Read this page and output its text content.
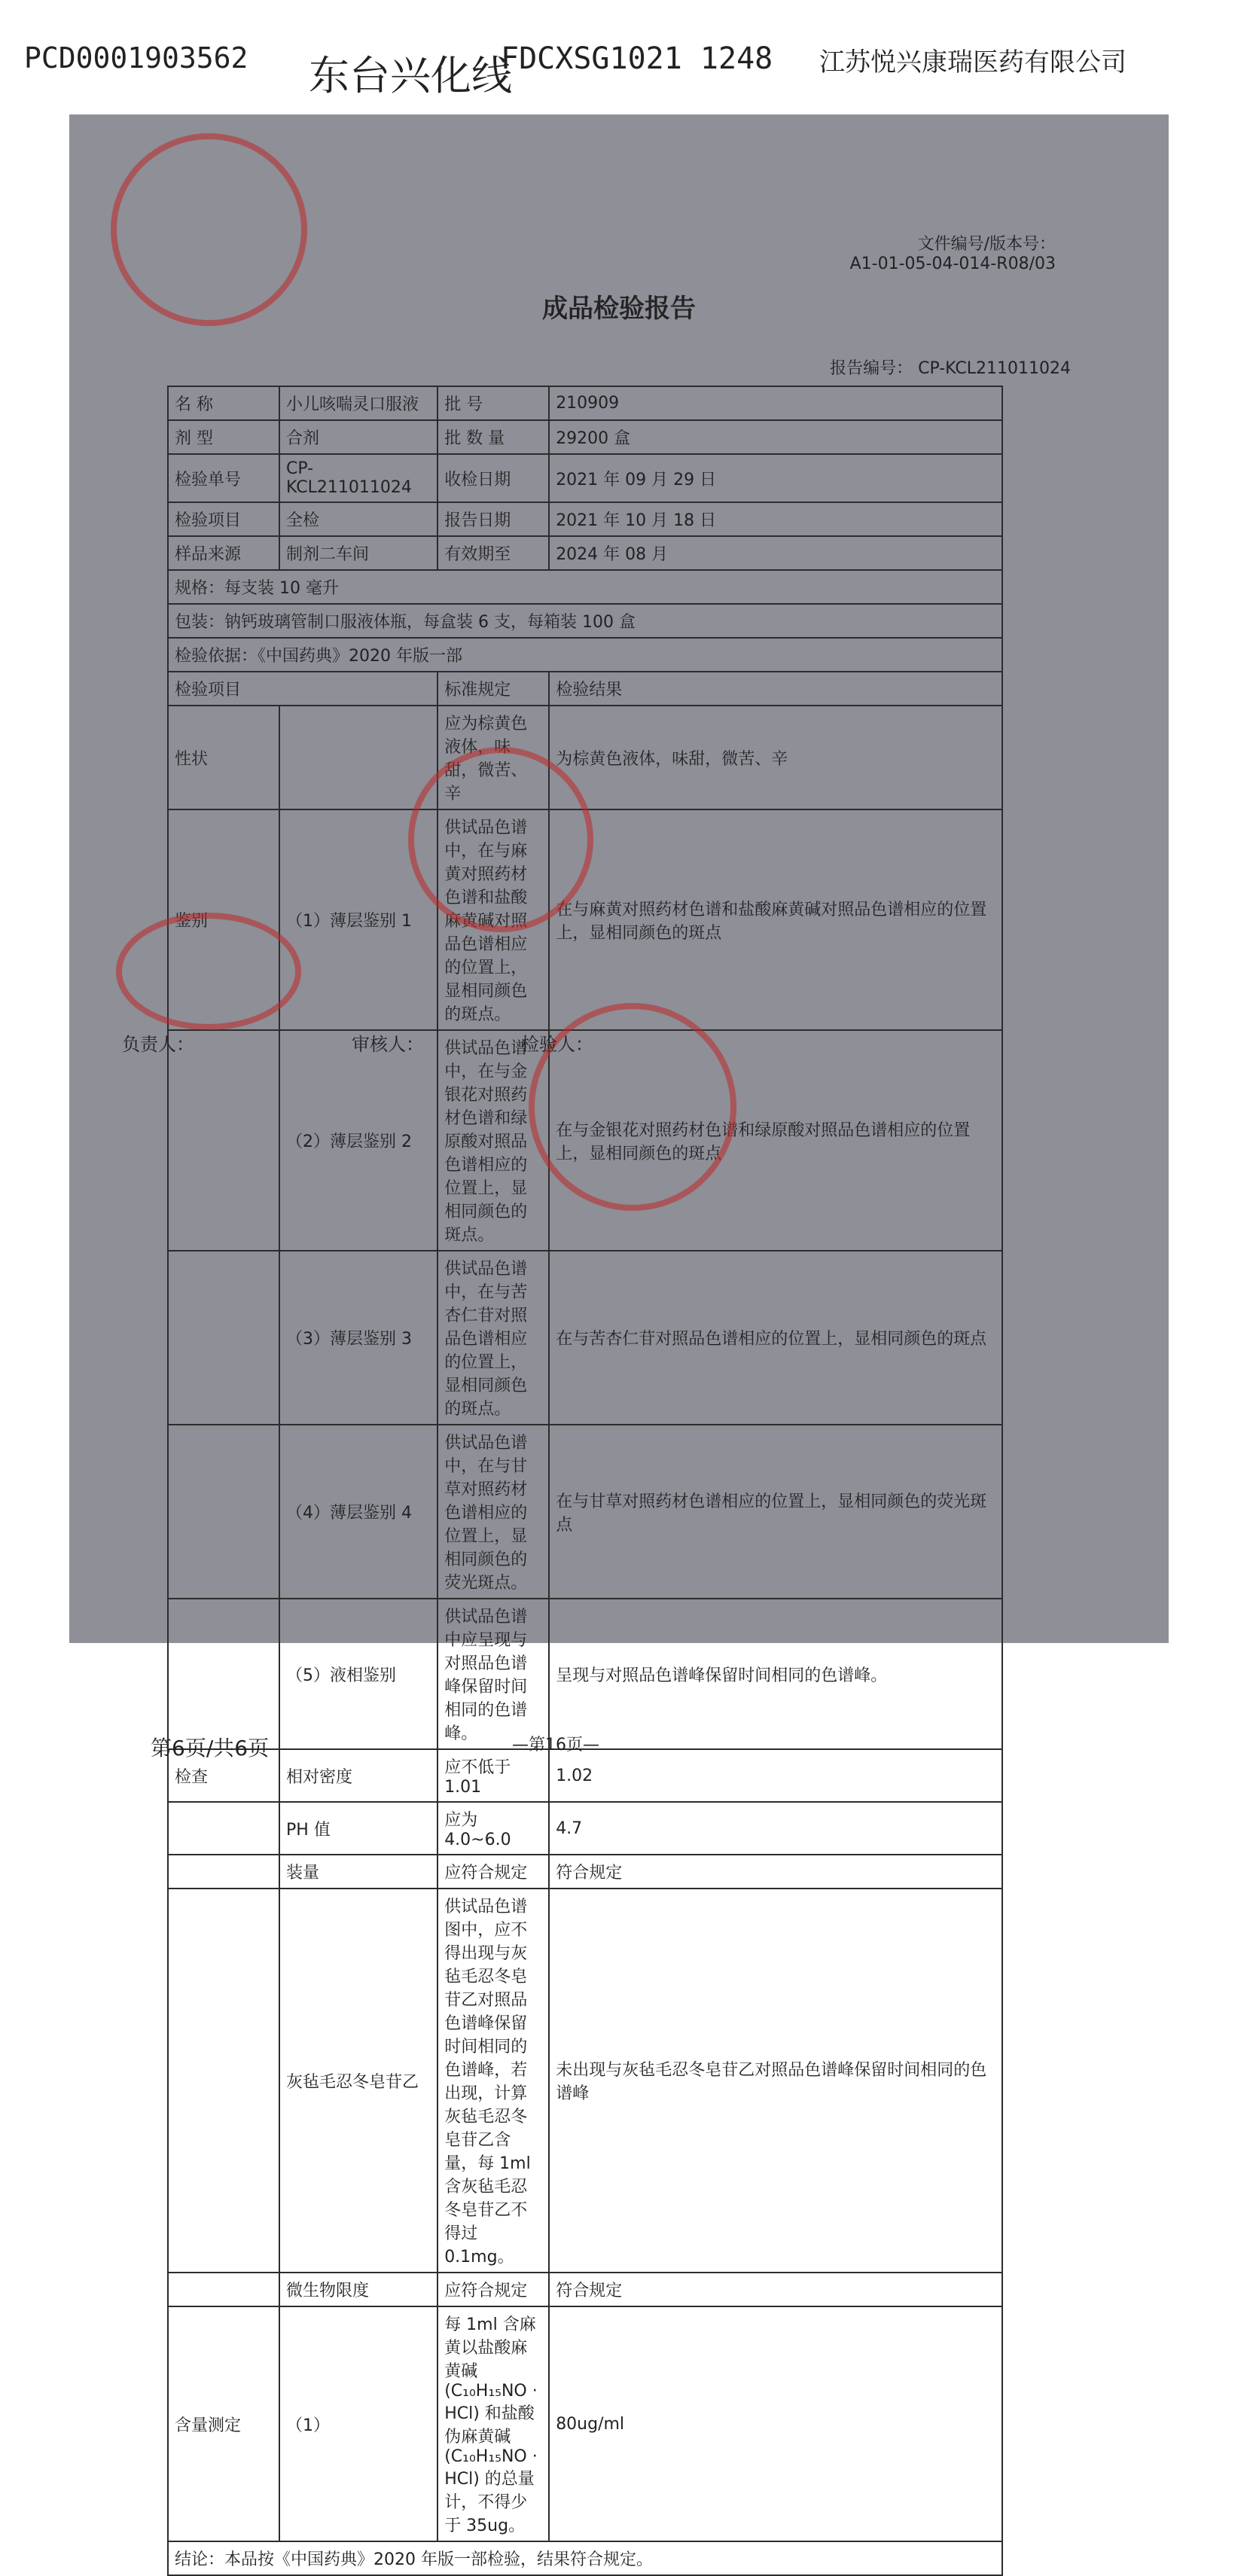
PCD0001903562 东台兴化线
FDCXSG1021 1248 江苏悦兴康瑞医药有限公司
文件编号/版本号：
A1-01-05-04-014-R08/03
成品检验报告
报告编号： CP-KCL211011024
名 称	小儿咳喘灵口服液	批 号	210909
剂 型	合剂	批 数 量	29200 盒
检验单号	CP-KCL211011024	收检日期	2021 年 09 月 29 日
检验项目	全检	报告日期	2021 年 10 月 18 日
样品来源	制剂二车间	有效期至	2024 年 08 月
规格：每支装 10 毫升			
包装：钠钙玻璃管制口服液体瓶，每盒装 6 支，每箱装 100 盒			
检验依据：《中国药典》2020 年版一部			
检验项目		标准规定	检验结果
性状		应为棕黄色液体，味甜，微苦、辛	为棕黄色液体，味甜，微苦、辛
鉴别	（1）薄层鉴别 1	供试品色谱中，在与麻黄对照药材色谱和盐酸麻黄碱对照品色谱相应的位置上，显相同颜色的斑点。	在与麻黄对照药材色谱和盐酸麻黄碱对照品色谱相应的位置上，显相同颜色的斑点
	（2）薄层鉴别 2	供试品色谱中，在与金银花对照药材色谱和绿原酸对照品色谱相应的位置上，显相同颜色的斑点。	在与金银花对照药材色谱和绿原酸对照品色谱相应的位置上，显相同颜色的斑点
	（3）薄层鉴别 3	供试品色谱中，在与苦杏仁苷对照品色谱相应的位置上，显相同颜色的斑点。	在与苦杏仁苷对照品色谱相应的位置上，显相同颜色的斑点
	（4）薄层鉴别 4	供试品色谱中，在与甘草对照药材色谱相应的位置上，显相同颜色的荧光斑点。	在与甘草对照药材色谱相应的位置上，显相同颜色的荧光斑点
	（5）液相鉴别	供试品色谱中应呈现与对照品色谱峰保留时间相同的色谱峰。	呈现与对照品色谱峰保留时间相同的色谱峰。
检查	相对密度	应不低于 1.01	1.02
	PH 值	应为 4.0~6.0	4.7
	装量	应符合规定	符合规定
	灰毡毛忍冬皂苷乙	供试品色谱图中，应不得出现与灰毡毛忍冬皂苷乙对照品色谱峰保留时间相同的色谱峰，若出现，计算灰毡毛忍冬皂苷乙含量，每 1ml 含灰毡毛忍冬皂苷乙不得过 0.1mg。	未出现与灰毡毛忍冬皂苷乙对照品色谱峰保留时间相同的色谱峰
	微生物限度	应符合规定	符合规定
含量测定	（1）	每 1ml 含麻黄以盐酸麻黄碱(C₁₀H₁₅NO · HCl) 和盐酸伪麻黄碱(C₁₀H₁₅NO · HCl) 的总量计，不得少于 35ug。	80ug/ml
结论：本品按《中国药典》2020 年版一部检验，结果符合规定。			
负责人：	审核人：	检验人：
第6页/共6页	—第16页—
